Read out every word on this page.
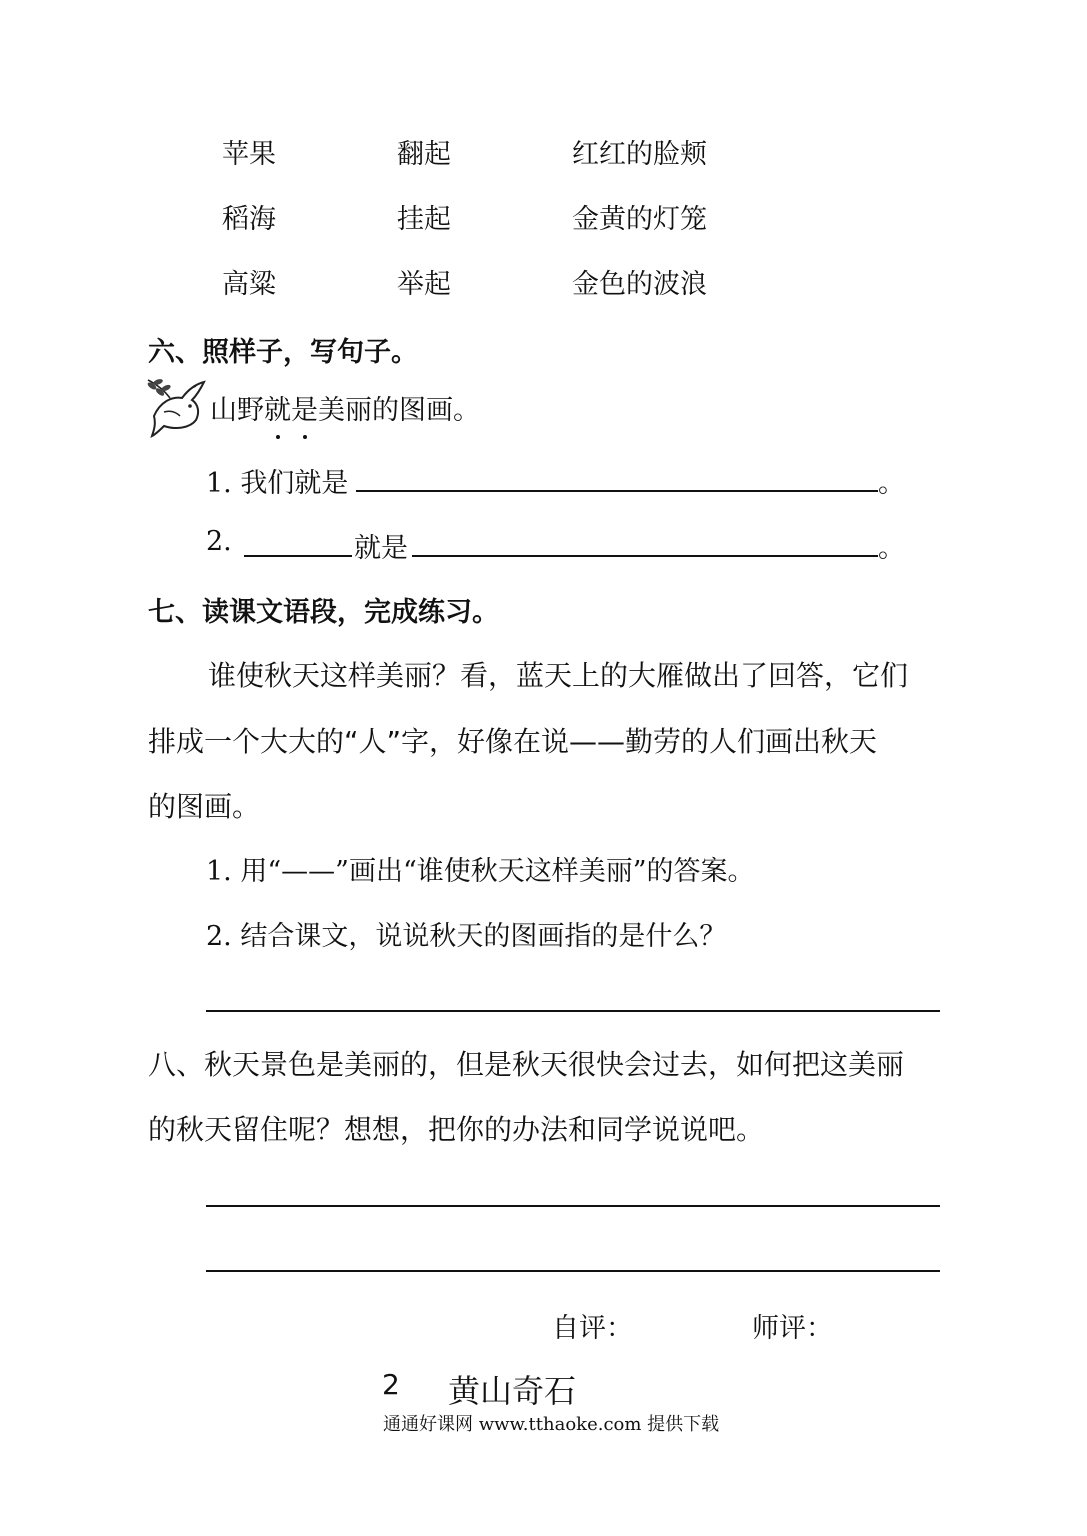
苹果	翻起	红红的脸颊
稻海	挂起	金黄的灯笼
高粱	举起	金色的波浪
六、照样子，写句子。
山野就是美丽的图画。
1. 我们就是	。
2.	就是	。
七、读课文语段，完成练习。
谁使秋天这样美丽？看，蓝天上的大雁做出了回答，它们
排成一个大大的“人”字，好像在说——勤劳的人们画出秋天
的图画。
1. 用“——”画出“谁使秋天这样美丽”的答案。
2. 结合课文，说说秋天的图画指的是什么？
八、秋天景色是美丽的，但是秋天很快会过去，如何把这美丽
的秋天留住呢？想想，把你的办法和同学说说吧。
自评：	师评：
2 黄山奇石
通通好课网 www.tthaoke.com 提供下载
